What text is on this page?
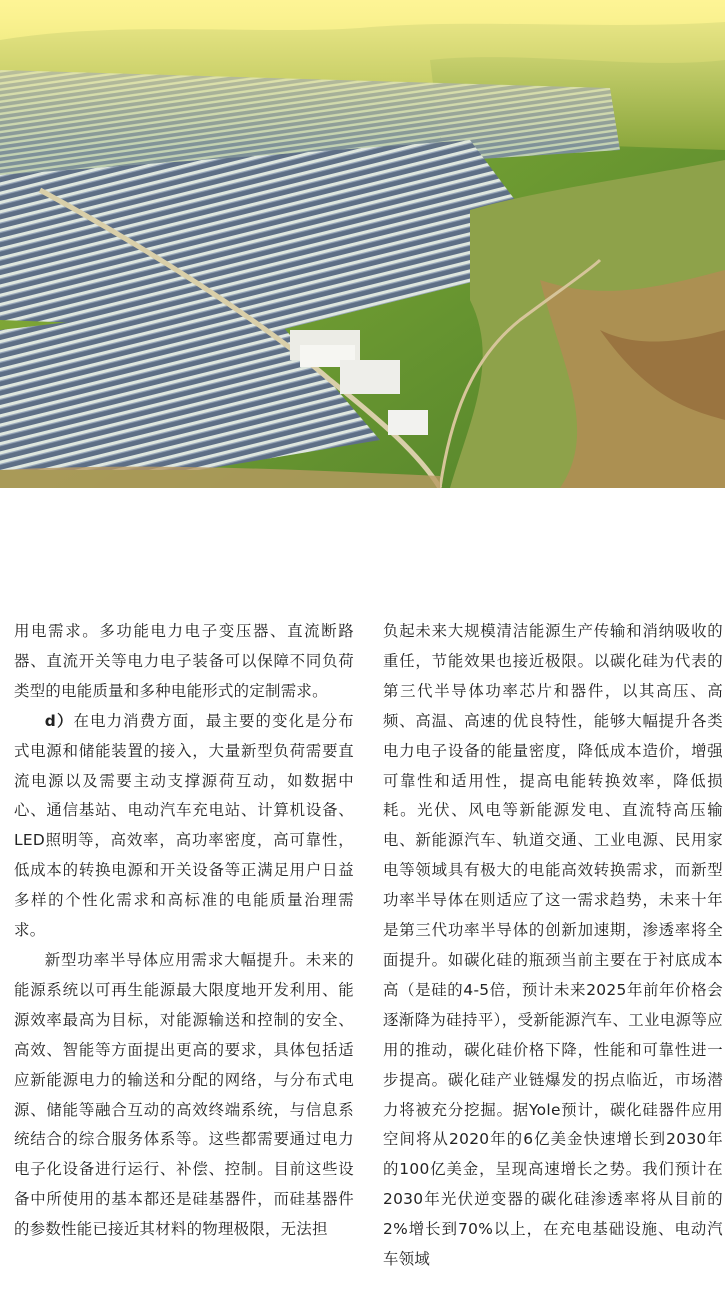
用电需求。多功能电力电子变压器、直流断路器、直流开关等电力电子装备可以保障不同负荷类型的电能质量和多种电能形式的定制需求。

d）在电力消费方面，最主要的变化是分布式电源和储能装置的接入，大量新型负荷需要直流电源以及需要主动支撑源荷互动，如数据中心、通信基站、电动汽车充电站、计算机设备、LED照明等，高效率，高功率密度，高可靠性，低成本的转换电源和开关设备等正满足用户日益多样的个性化需求和高标准的电能质量治理需求。

新型功率半导体应用需求大幅提升。未来的能源系统以可再生能源最大限度地开发利用、能源效率最高为目标，对能源输送和控制的安全、高效、智能等方面提出更高的要求，具体包括适应新能源电力的输送和分配的网络，与分布式电源、储能等融合互动的高效终端系统，与信息系统结合的综合服务体系等。这些都需要通过电力电子化设备进行运行、补偿、控制。目前这些设备中所使用的基本都还是硅基器件，而硅基器件的参数性能已接近其材料的物理极限，无法担

负起未来大规模清洁能源生产传输和消纳吸收的重任，节能效果也接近极限。以碳化硅为代表的第三代半导体功率芯片和器件，以其高压、高频、高温、高速的优良特性，能够大幅提升各类电力电子设备的能量密度，降低成本造价，增强可靠性和适用性，提高电能转换效率，降低损耗。光伏、风电等新能源发电、直流特高压输电、新能源汽车、轨道交通、工业电源、民用家电等领域具有极大的电能高效转换需求，而新型功率半导体在则适应了这一需求趋势，未来十年是第三代功率半导体的创新加速期，渗透率将全面提升。如碳化硅的瓶颈当前主要在于衬底成本高（是硅的4-5倍，预计未来2025年前年价格会逐渐降为硅持平），受新能源汽车、工业电源等应用的推动，碳化硅价格下降，性能和可靠性进一步提高。碳化硅产业链爆发的拐点临近，市场潜力将被充分挖掘。据Yole预计，碳化硅器件应用空间将从2020年的6亿美金快速增长到2030年的100亿美金，呈现高速增长之势。我们预计在2030年光伏逆变器的碳化硅渗透率将从目前的2%增长到70%以上，在充电基础设施、电动汽车领域
